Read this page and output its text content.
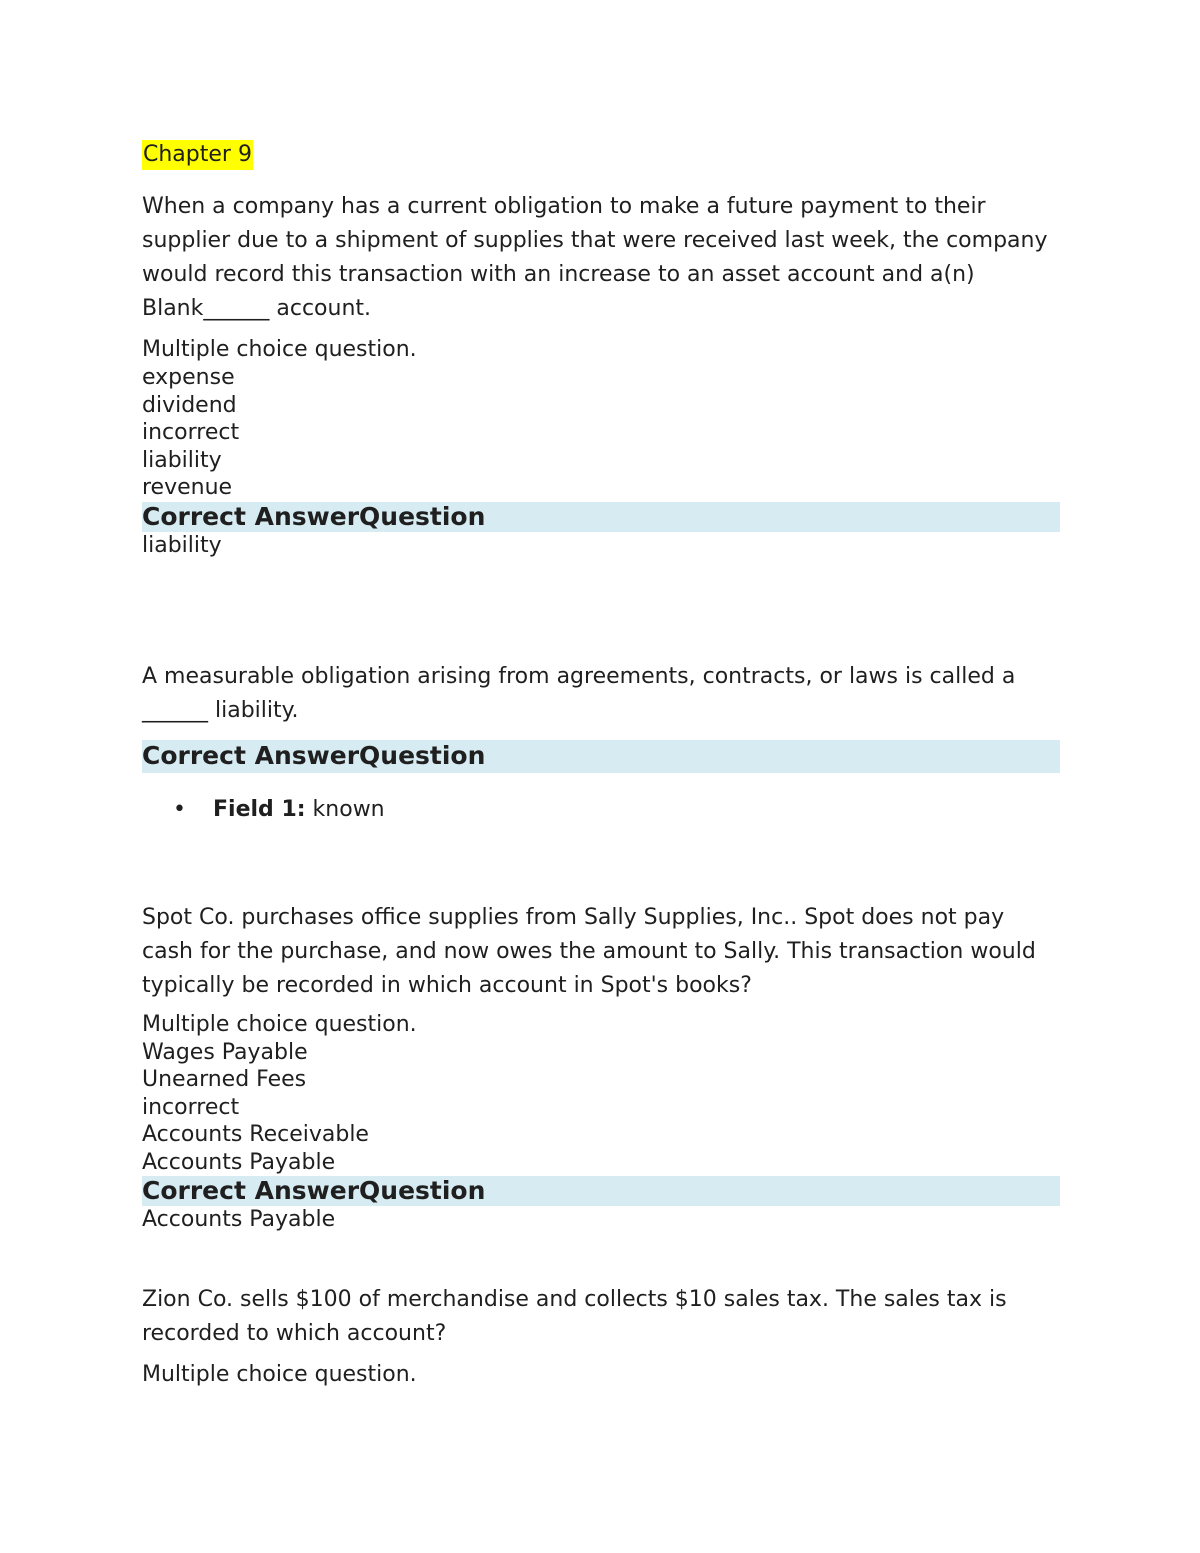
Chapter 9

When a company has a current obligation to make a future payment to their supplier due to a shipment of supplies that were received last week, the company would record this transaction with an increase to an asset account and a(n) Blank______ account.

Multiple choice question.

expense
dividend
incorrect
liability
revenue
Correct AnswerQuestion
liability

A measurable obligation arising from agreements, contracts, or laws is called a ______ liability.

Correct AnswerQuestion
• Field 1: known

Spot Co. purchases office supplies from Sally Supplies, Inc.. Spot does not pay cash for the purchase, and now owes the amount to Sally. This transaction would typically be recorded in which account in Spot's books?

Multiple choice question.

Wages Payable
Unearned Fees
incorrect
Accounts Receivable
Accounts Payable
Correct AnswerQuestion
Accounts Payable

Zion Co. sells $100 of merchandise and collects $10 sales tax. The sales tax is recorded to which account?

Multiple choice question.
